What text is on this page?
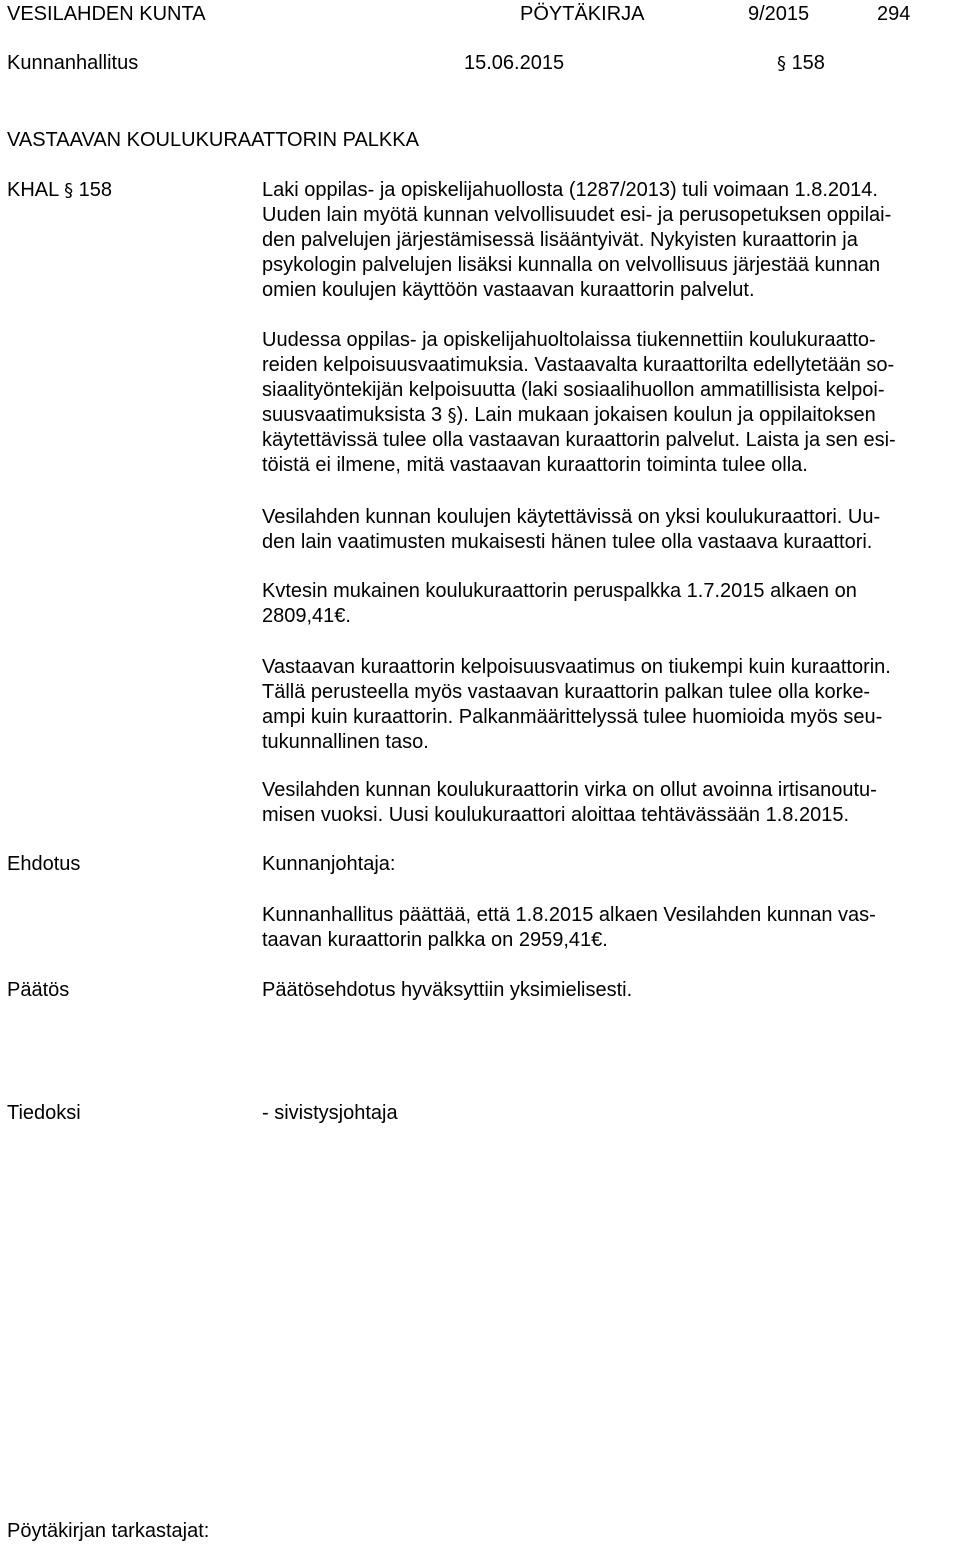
VESILAHDEN KUNTA	PÖYTÄKIRJA	9/2015	294
Kunnanhallitus	15.06.2015	§ 158
VASTAAVAN KOULUKURAATTORIN PALKKA
KHAL § 158	Laki oppilas- ja opiskelijahuollosta (1287/2013) tuli voimaan 1.8.2014.
Uuden lain myötä kunnan velvollisuudet esi- ja perusopetuksen oppilai-
den palvelujen järjestämisessä lisääntyivät. Nykyisten kuraattorin ja
psykologin palvelujen lisäksi kunnalla on velvollisuus järjestää kunnan
omien koulujen käyttöön vastaavan kuraattorin palvelut.
Uudessa oppilas- ja opiskelijahuoltolaissa tiukennettiin koulukuraatto-
reiden kelpoisuusvaatimuksia. Vastaavalta kuraattorilta edellytetään so-
siaalityöntekijän kelpoisuutta (laki sosiaalihuollon ammatillisista kelpoi-
suusvaatimuksista 3 §). Lain mukaan jokaisen koulun ja oppilaitoksen
käytettävissä tulee olla vastaavan kuraattorin palvelut. Laista ja sen esi-
töistä ei ilmene, mitä vastaavan kuraattorin toiminta tulee olla.
Vesilahden kunnan koulujen käytettävissä on yksi koulukuraattori. Uu-
den lain vaatimusten mukaisesti hänen tulee olla vastaava kuraattori.
Kvtesin mukainen koulukuraattorin peruspalkka 1.7.2015 alkaen on
2809,41€.
Vastaavan kuraattorin kelpoisuusvaatimus on tiukempi kuin kuraattorin.
Tällä perusteella myös vastaavan kuraattorin palkan tulee olla korke-
ampi kuin kuraattorin. Palkanmäärittelyssä tulee huomioida myös seu-
tukunnallinen taso.
Vesilahden kunnan koulukuraattorin virka on ollut avoinna irtisanoutu-
misen vuoksi. Uusi koulukuraattori aloittaa tehtävässään 1.8.2015.
Ehdotus	Kunnanjohtaja:
Kunnanhallitus päättää, että 1.8.2015 alkaen Vesilahden kunnan vas-
taavan kuraattorin palkka on 2959,41€.
Päätös	Päätösehdotus hyväksyttiin yksimielisesti.
Tiedoksi	- sivistysjohtaja
Pöytäkirjan tarkastajat:
